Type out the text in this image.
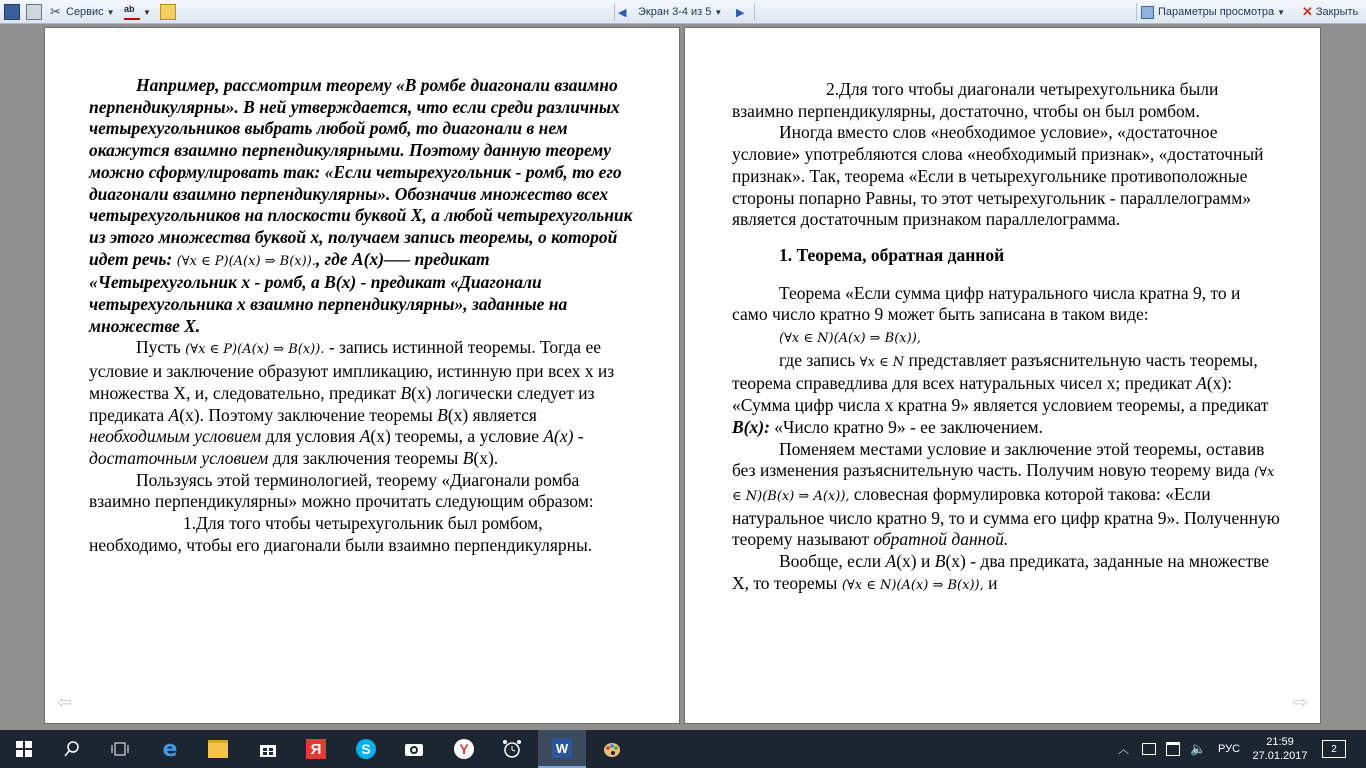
✂ Сервис ▼ ab	▼	◀ Экран 3-4 из 5 ▼ ▶	Параметры просмотра ▼ ✕ Закрыть

Например, рассмотрим теорему «В ромбе диагонали взаимно перпендикулярны». В ней утверждается, что если среди различных четырехугольников выбрать любой ромб, то диагонали в нем окажутся взаимно перпендикулярными. Поэтому данную теорему можно сформулировать так: «Если четырехугольник - ромб, то его диагонали взаимно перпендикулярны». Обозначив множество всех четырехугольников на плоскости буквой X, а любой четырехугольник из этого множества буквой х, получаем запись теоремы, о которой идет речь: (∀x ∈ P)(A(x) ⇒ B(x))., где A(x)–— предикат «Четырехугольник х - ромб, а В(х) - предикат «Диагонали четырехугольника х взаимно перпендикулярны», заданные на множестве X.

Пусть (∀x ∈ P)(A(x) ⇒ B(x)). - запись истинной теоремы. Тогда ее условие и заключение образуют импликацию, истинную при всех х из множества X, и, следовательно, предикат B(х) логически следует из предиката А(х). Поэтому заключение теоремы В(х) является необходимым условием для условия А(х) теоремы, а условие А(х) - достаточным условием для заключения теоремы В(х).

Пользуясь этой терминологией, теорему «Диагонали ромба взаимно перпендикулярны» можно прочитать следующим образом:

1.Для того чтобы четырехугольник был ромбом, необходимо, чтобы его диагонали были взаимно перпендикулярны.

⇦

2.Для того чтобы диагонали четырехугольника были взаимно перпендикулярны, достаточно, чтобы он был ромбом.

Иногда вместо слов «необходимое условие», «достаточное условие» употребляются слова «необходимый признак», «достаточный признак». Так, теорема «Если в четырехугольнике противоположные стороны попарно Равны, то этот четырехугольник - параллелограмм» является достаточным признаком параллелограмма.

1. Теорема, обратная данной

Теорема «Если сумма цифр натурального числа кратна 9, то и само число кратно 9 может быть записана в таком виде:

(∀x ∈ N)(A(x) ⇒ B(x)),

где запись ∀x ∈ N представляет разъяснительную часть теоремы, теорема справедлива для всех натуральных чисел х; предикат А(х): «Сумма цифр числа х кратна 9» является условием теоремы, а предикат В(х): «Число кратно 9» - ее заключением.

Поменяем местами условие и заключение этой теоремы, оставив без изменения разъяснительную часть. Получим новую теорему вида (∀x ∈ N)(B(x) ⇒ A(x)), словесная формулировка которой такова: «Если натуральное число кратно 9, то и сумма его цифр кратна 9». Полученную теорему называют обратной данной.

Вообще, если А(х) и В(х) - два предиката, заданные на множестве X, то теоремы (∀x ∈ N)(A(x) ⇒ B(x)), и

⇨
e	Я	S	Y	W	︿	🔈 РУС
21:59
27.01.2017
2
